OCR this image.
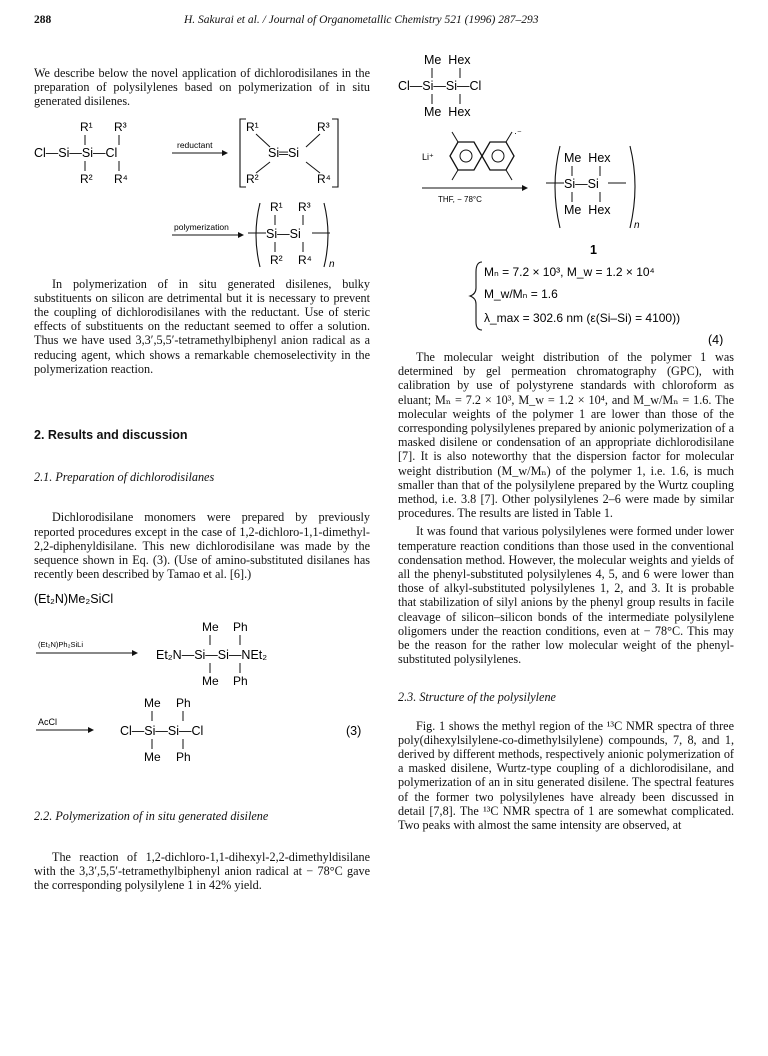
288	H. Sakurai et al. / Journal of Organometallic Chemistry 521 (1996) 287–293

We describe below the novel application of dichlorodisilanes in the preparation of polysilylenes based on polymerization of in situ generated disilenes.

R¹ R³
Cl—Si—Si—Cl
R² R⁴
reductant
R¹	R³
Si═Si
R²	R⁴
polymerization
R¹ R³
Si—Si
R² R⁴ n

In polymerization of in situ generated disilenes, bulky substituents on silicon are detrimental but it is necessary to prevent the coupling of dichlorodisilanes with the reductant. Use of steric effects of substituents on the reductant seemed to offer a solution. Thus we have used 3,3′,5,5′-tetramethylbiphenyl anion radical as a reducing agent, which shows a remarkable chemoselectivity in the polymerization reaction.

2. Results and discussion

2.1. Preparation of dichlorodisilanes

Dichlorodisilane monomers were prepared by previously reported procedures except in the case of 1,2-dichloro-1,1-dimethyl-2,2-diphenyldisilane. This new dichlorodisilane was made by the sequence shown in Eq. (3). (Use of amino-substituted disilanes has recently been described by Tamao et al. [6].)

(Et₂N)Me₂SiCl
Me Ph
(Et₂N)Ph₂SiLi
Et₂N—Si—Si—NEt₂
Me Ph
Me Ph
AcCl
Cl—Si—Si—Cl	(3)
Me Ph

2.2. Polymerization of in situ generated disilene

The reaction of 1,2-dichloro-1,1-dihexyl-2,2-dimethyldisilane with the 3,3′,5,5′-tetramethylbiphenyl anion radical at − 78°C gave the corresponding polysilylene 1 in 42% yield.

Me  Hex
Cl—Si—Si—Cl
Me  Hex
Li⁺
·⁻
THF, − 78°C
Me  Hex
Si—Si
Me  Hex
n
1
Mₙ = 7.2 × 10³, M_w = 1.2 × 10⁴
M_w/Mₙ = 1.6
λ_max = 302.6 nm (ε(Si–Si) = 4100))
(4)

The molecular weight distribution of the polymer 1 was determined by gel permeation chromatography (GPC), with calibration by use of polystyrene standards with chloroform as eluant; Mₙ = 7.2 × 10³, M_w = 1.2 × 10⁴, and M_w/Mₙ = 1.6. The molecular weights of the polymer 1 are lower than those of the corresponding polysilylenes prepared by anionic polymerization of a masked disilene or condensation of an appropriate dichlorodisilane [7]. It is also noteworthy that the dispersion factor for molecular weight distribution (M_w/Mₙ) of the polymer 1, i.e. 1.6, is much smaller than that of the polysilylene prepared by the Wurtz coupling method, i.e. 3.8 [7]. Other polysilylenes 2–6 were made by similar procedures. The results are listed in Table 1.

It was found that various polysilylenes were formed under lower temperature reaction conditions than those used in the conventional condensation method. However, the molecular weights and yields of all the phenyl-substituted polysilylenes 4, 5, and 6 were lower than those of alkyl-substituted polysilylenes 1, 2, and 3. It is probable that stabilization of silyl anions by the phenyl group results in facile cleavage of silicon–silicon bonds of the intermediate polysilylene oligomers under the reaction conditions, even at − 78°C. This may be the reason for the rather low molecular weight of the phenyl-substituted polysilylenes.

2.3. Structure of the polysilylene

Fig. 1 shows the methyl region of the ¹³C NMR spectra of three poly(dihexylsilylene-co-dimethylsilylene) compounds, 7, 8, and 1, derived by different methods, respectively anionic polymerization of a masked disilene, Wurtz-type coupling of a dichlorodisilane, and polymerization of an in situ generated disilene. The spectral features of the former two polysilylenes have already been discussed in detail [7,8]. The ¹³C NMR spectra of 1 are somewhat complicated. Two peaks with almost the same intensity are observed, at
